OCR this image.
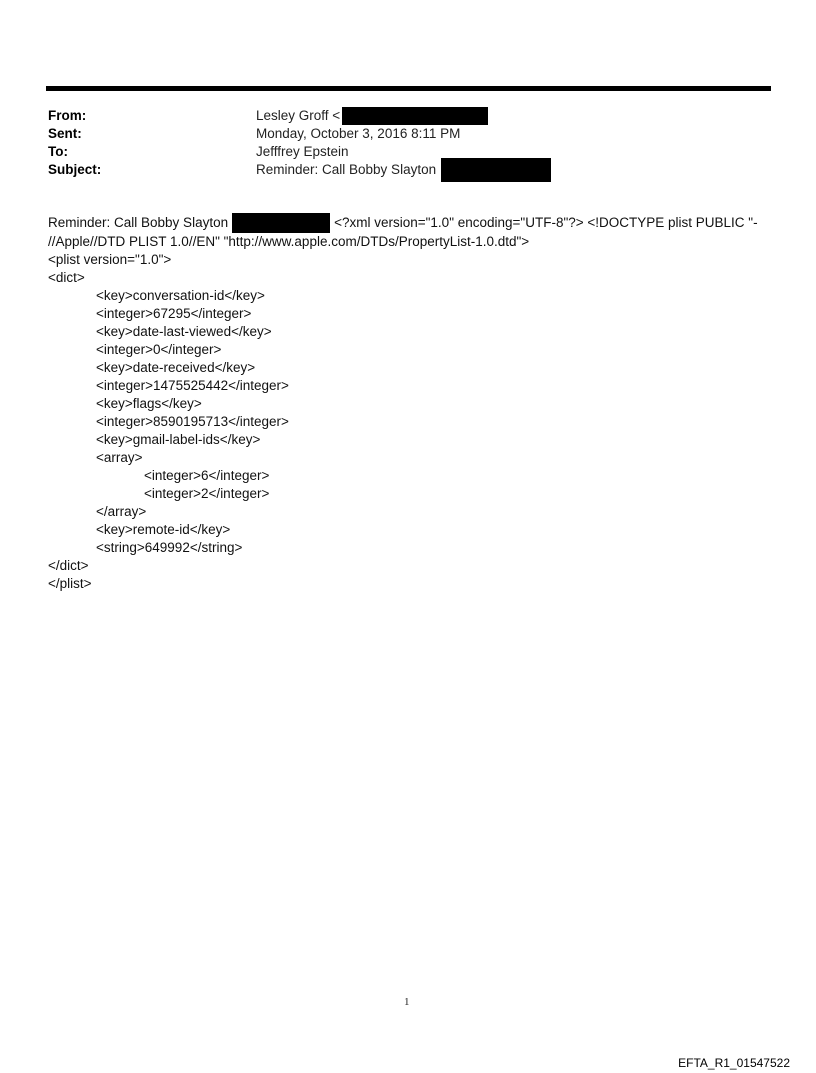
From:	Lesley Groff <
Sent:	Monday, October 3, 2016 8:11 PM
To:	Jefffrey Epstein
Subject:	Reminder: Call Bobby Slayton
Reminder: Call Bobby Slayton	<?xml version="1.0" encoding="UTF-8"?> <!DOCTYPE plist PUBLIC "-
//Apple//DTD PLIST 1.0//EN" "http://www.apple.com/DTDs/PropertyList-1.0.dtd">
<plist version="1.0">
<dict>
<key>conversation-id</key>
<integer>67295</integer>
<key>date-last-viewed</key>
<integer>0</integer>
<key>date-received</key>
<integer>1475525442</integer>
<key>flags</key>
<integer>8590195713</integer>
<key>gmail-label-ids</key>
<array>
<integer>6</integer>
<integer>2</integer>
</array>
<key>remote-id</key>
<string>649992</string>
</dict>
</plist>
1
EFTA_R1_01547522
